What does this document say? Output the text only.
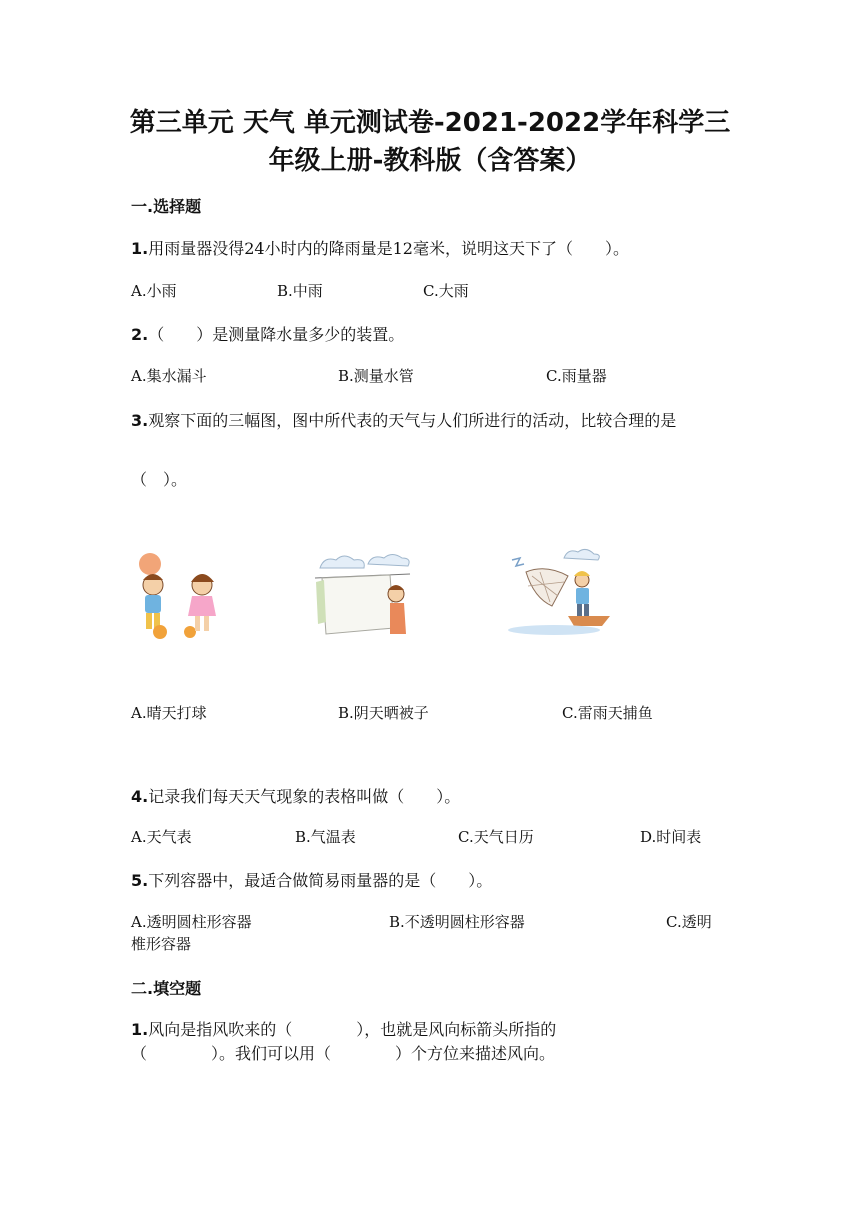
第三单元 天气 单元测试卷-2021-2022学年科学三
年级上册-教科版（含答案）
一.选择题
1.用雨量器没得24小时内的降雨量是12毫米，说明这天下了（　　）。
A.小雨	B.中雨	C.大雨
2.（　　）是测量降水量多少的装置。
A.集水漏斗	B.测量水管	C.雨量器
3.观察下面的三幅图，图中所代表的天气与人们所进行的活动，比较合理的是
（　）。
A.晴天打球	B.阴天晒被子	C.雷雨天捕鱼
4.记录我们每天天气现象的表格叫做（　　）。
A.天气表	B.气温表	C.天气日历	D.时间表
5.下列容器中，最适合做简易雨量器的是（　　）。
A.透明圆柱形容器	B.不透明圆柱形容器	C.透明
椎形容器
二.填空题
1.风向是指风吹来的（　　　　），也就是风向标箭头所指的
（　　　　）。我们可以用（　　　　）个方位来描述风向。
